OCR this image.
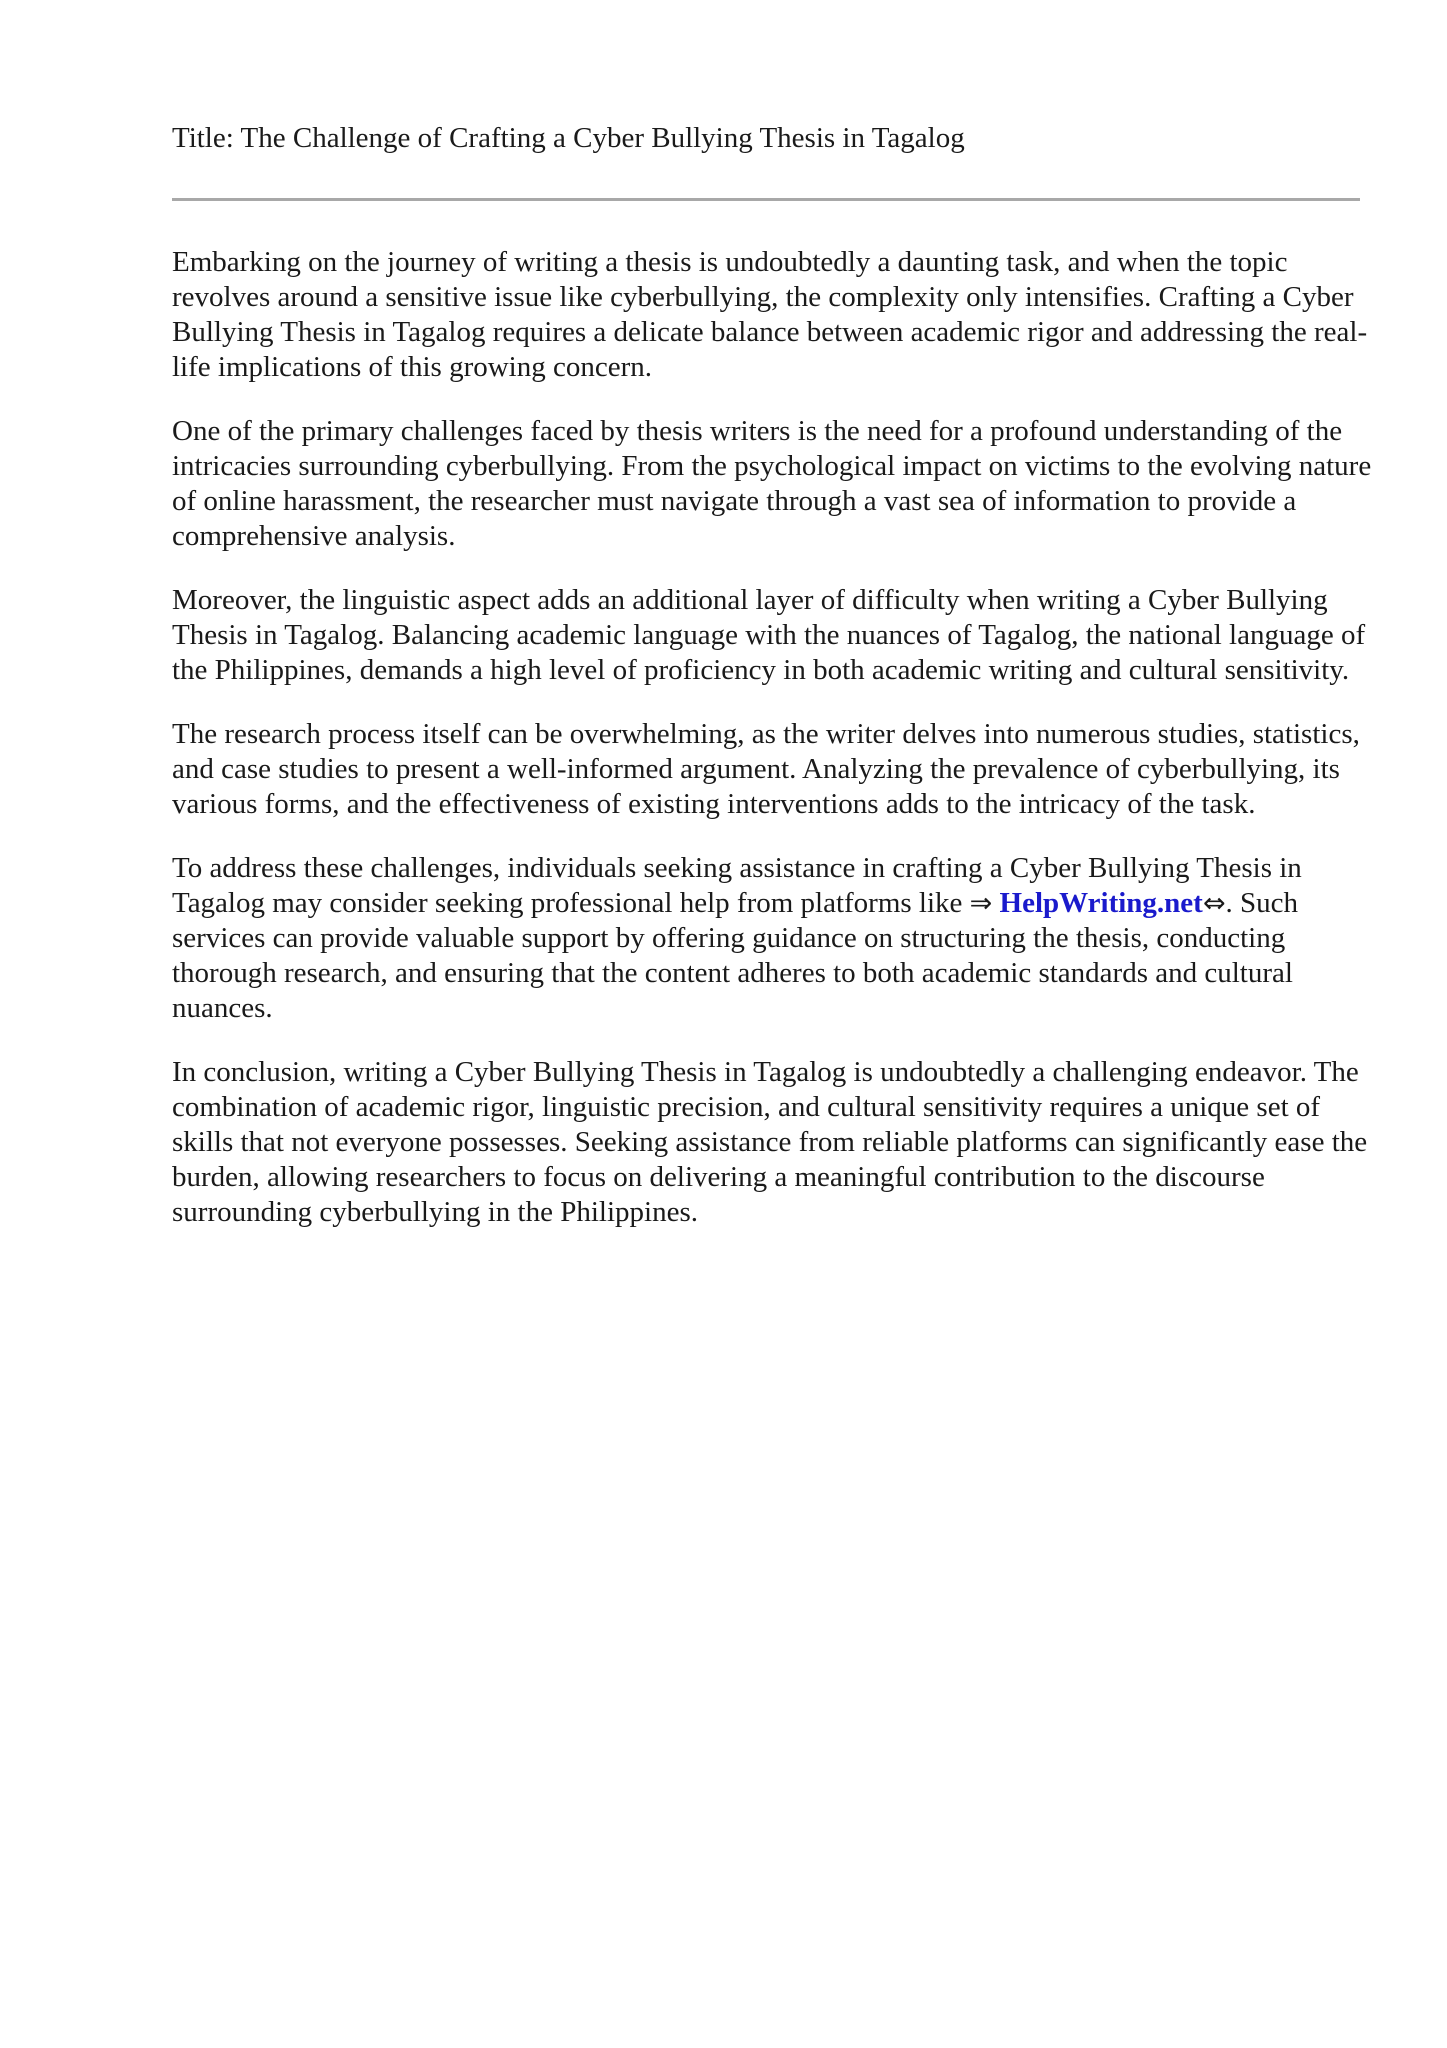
Title: The Challenge of Crafting a Cyber Bullying Thesis in Tagalog

Embarking on the journey of writing a thesis is undoubtedly a daunting task, and when the topic revolves around a sensitive issue like cyberbullying, the complexity only intensifies. Crafting a Cyber Bullying Thesis in Tagalog requires a delicate balance between academic rigor and addressing the real-life implications of this growing concern.

One of the primary challenges faced by thesis writers is the need for a profound understanding of the intricacies surrounding cyberbullying. From the psychological impact on victims to the evolving nature of online harassment, the researcher must navigate through a vast sea of information to provide a comprehensive analysis.

Moreover, the linguistic aspect adds an additional layer of difficulty when writing a Cyber Bullying Thesis in Tagalog. Balancing academic language with the nuances of Tagalog, the national language of the Philippines, demands a high level of proficiency in both academic writing and cultural sensitivity.

The research process itself can be overwhelming, as the writer delves into numerous studies, statistics, and case studies to present a well-informed argument. Analyzing the prevalence of cyberbullying, its various forms, and the effectiveness of existing interventions adds to the intricacy of the task.

To address these challenges, individuals seeking assistance in crafting a Cyber Bullying Thesis in Tagalog may consider seeking professional help from platforms like ⇒ HelpWriting.net⇔. Such services can provide valuable support by offering guidance on structuring the thesis, conducting thorough research, and ensuring that the content adheres to both academic standards and cultural nuances.

In conclusion, writing a Cyber Bullying Thesis in Tagalog is undoubtedly a challenging endeavor. The combination of academic rigor, linguistic precision, and cultural sensitivity requires a unique set of skills that not everyone possesses. Seeking assistance from reliable platforms can significantly ease the burden, allowing researchers to focus on delivering a meaningful contribution to the discourse surrounding cyberbullying in the Philippines.
